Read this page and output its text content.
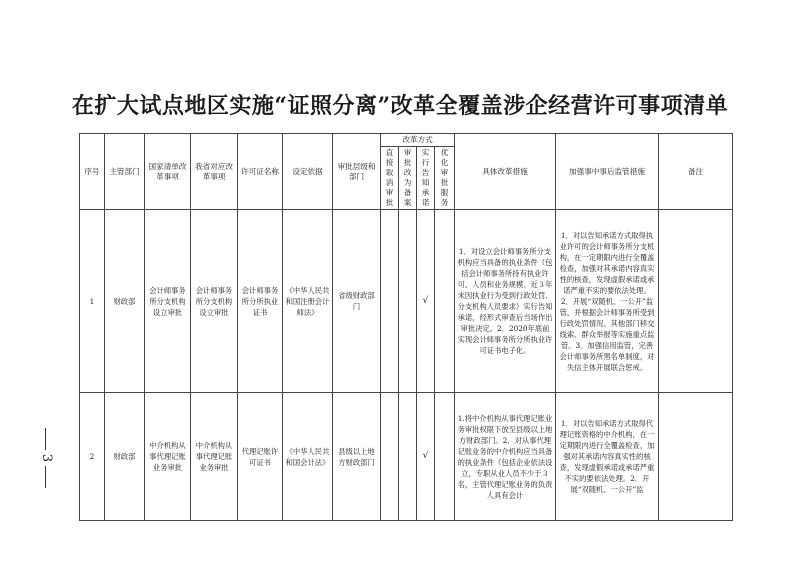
在扩大试点地区实施“证照分离”改革全覆盖涉企经营许可事项清单
3
序号	主管部门	国家清单改革事项	我省对应改革事项	许可证名称	设定依据	审批层级和部门	改革方式				具体改革措施	加强事中事后监管措施	备注

							直接取消审批	审批改为备案	实行告知承诺	优化审批服务			

1	财政部	会计师事务所分支机构设立审批	会计师事务所分支机构设立审批	会计师事务所分所执业证书	《中华人民共和国注册会计师法》	省级财政部门			√		1．对设立会计师事务所分支机构应当具备的执业条件（包括会计师事务所持有执业许可、人员和业务规模、近３年未因执业行为受到行政处罚、分支机构人员要求）实行告知承诺，经形式审查后当场作出审批决定。2．2020年底前实现会计师事务所分所执业许可证书电子化。	1．对以告知承诺方式取得执业许可的会计师事务所分支机构，在一定期限内进行全覆盖检查，加强对其承诺内容真实性的核查，发现虚假承诺或承诺严重不实的要依法处理。2．开展“双随机、一公开”监管，并根据会计师事务所受到行政处罚情况、其他部门移交线索、群众举报等实施重点监管。3．加强信用监管，完善会计师事务所黑名单制度，对失信主体开展联合惩戒。	
2	财政部	中介机构从事代理记账业务审批	中介机构从事代理记账业务审批	代理记账许可证书	《中华人民共和国会计法》	县级以上地方财政部门			√		1.将中介机构从事代理记账业务审批权限下放至县级以上地方财政部门。2．对从事代理记账业务的中介机构应当具备的执业条件（包括企业依法设立，专职从业人员不少于３名，主管代理记账业务的负责人具有会计	1．对以告知承诺方式取得代理记账资格的中介机构，在一定期限内进行全覆盖检查，加强对其承诺内容真实性的核查，发现虚假承诺或承诺严重不实的要依法处理。2．开展“双随机、一公开”监	
